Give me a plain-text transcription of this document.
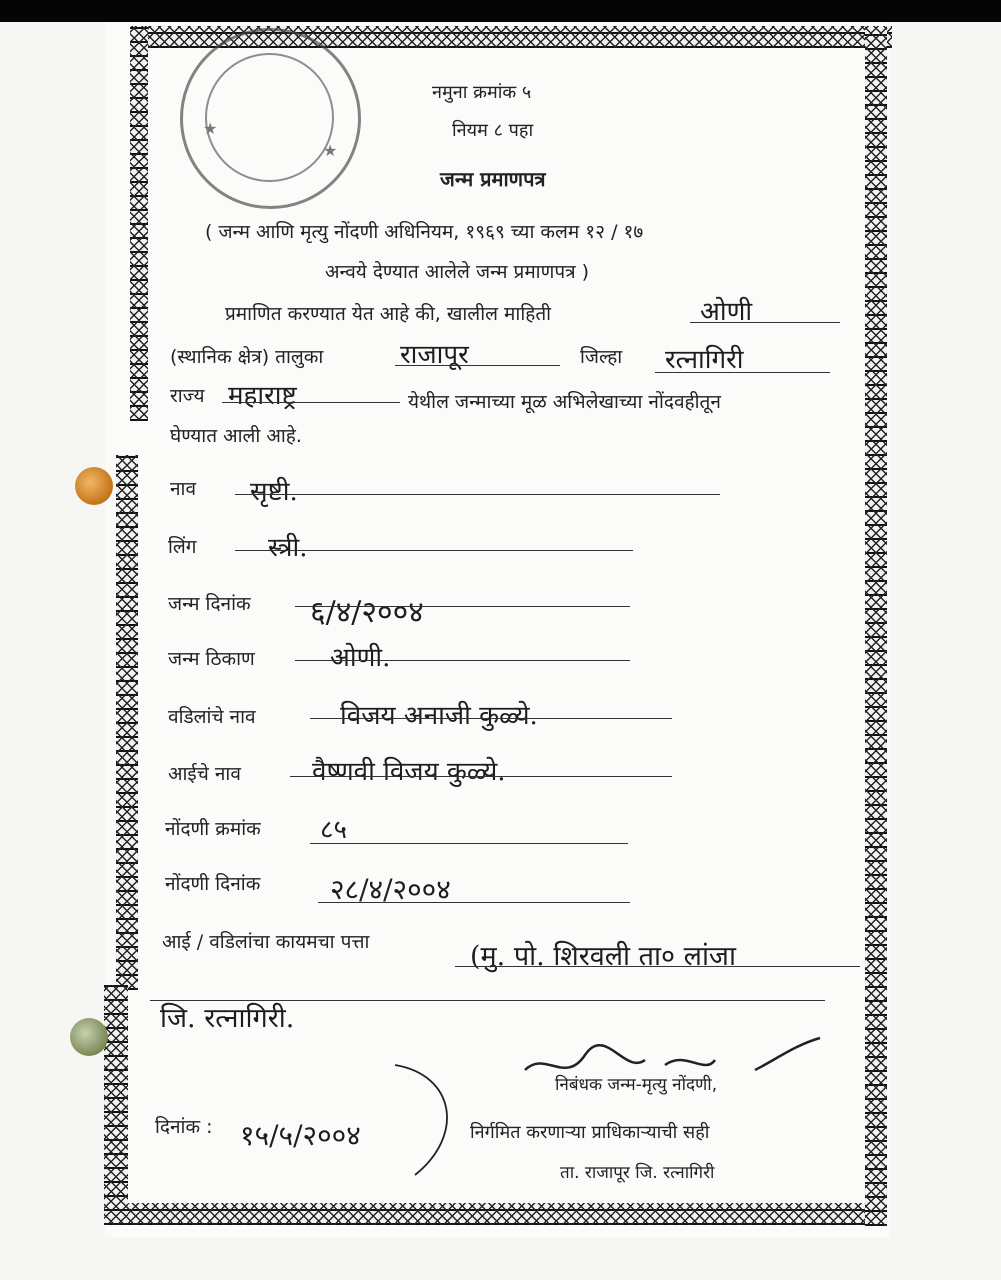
★
★
नमुना क्रमांक ५
नियम ८ पहा
जन्म प्रमाणपत्र
( जन्म आणि मृत्यु नोंदणी अधिनियम, १९६९ च्या कलम १२ / १७
अन्वये देण्यात आलेले जन्म प्रमाणपत्र )
प्रमाणित करण्यात येत आहे की, खालील माहिती	ओणी
(स्थानिक क्षेत्र) तालुका	राजापूर	जिल्हा रत्नागिरी
राज्य महाराष्ट्र	येथील जन्माच्या मूळ अभिलेखाच्या नोंदवहीतून
घेण्यात आली आहे.
नाव सृष्टी.
लिंग	स्त्री.
जन्म दिनांक ६/४/२००४
जन्म ठिकाण	ओणी.
वडिलांचे नाव	विजय अनाजी कुळ्ये.
आईचे नाव	वैष्णवी विजय कुळ्ये.
नोंदणी क्रमांक ८५
नोंदणी दिनांक २८/४/२००४
आई / वडिलांचा कायमचा पत्ता	(मु. पो. शिरवली ता० लांजा
जि. रत्नागिरी.
दिनांक : १५/५/२००४
निबंधक जन्म-मृत्यु नोंदणी,
निर्गमित करणाऱ्या प्राधिकाऱ्याची सही
ता. राजापूर जि. रत्नागिरी
